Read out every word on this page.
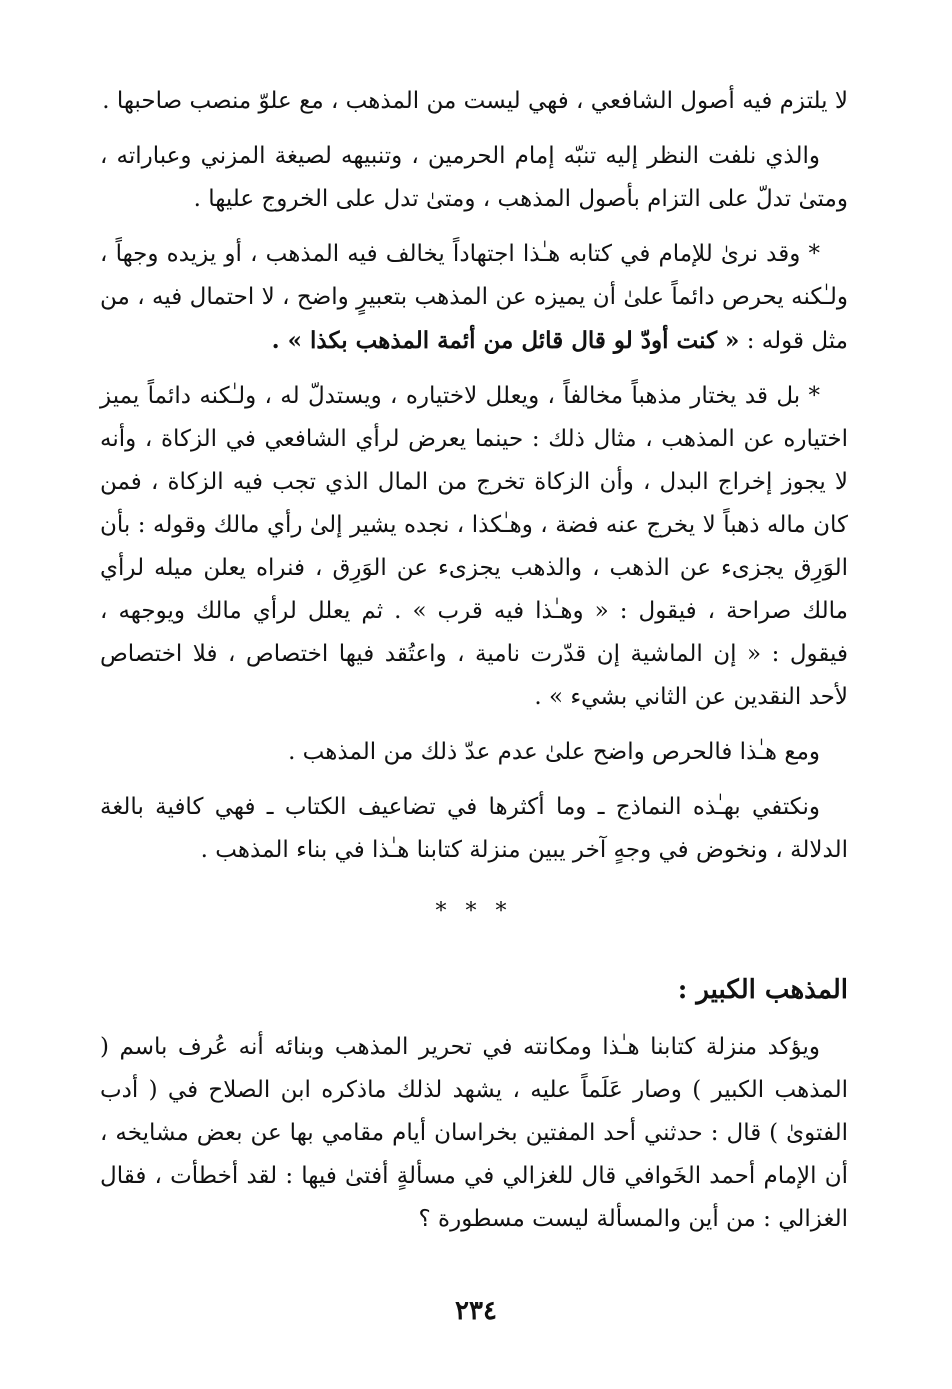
لا يلتزم فيه أصول الشافعي ، فهي ليست من المذهب ، مع علوّ منصب صاحبها .

والذي نلفت النظر إليه تنبّه إمام الحرمين ، وتنبيهه لصيغة المزني وعباراته ، ومتىٰ تدلّ على التزام بأصول المذهب ، ومتىٰ تدل على الخروج عليها .

* وقد نرىٰ للإمام في كتابه هـٰذا اجتهاداً يخالف فيه المذهب ، أو يزيده وجهاً ، ولـٰكنه يحرص دائماً علىٰ أن يميزه عن المذهب بتعبيرٍ واضح ، لا احتمال فيه ، من مثل قوله : « كنت أودّ لو قال قائل من أئمة المذهب بكذا » .

* بل قد يختار مذهباً مخالفاً ، ويعلل لاختياره ، ويستدلّ له ، ولـٰكنه دائماً يميز اختياره عن المذهب ، مثال ذلك : حينما يعرض لرأي الشافعي في الزكاة ، وأنه لا يجوز إخراج البدل ، وأن الزكاة تخرج من المال الذي تجب فيه الزكاة ، فمن كان ماله ذهباً لا يخرج عنه فضة ، وهـٰكذا ، نجده يشير إلىٰ رأي مالك وقوله : بأن الوَرِق يجزىء عن الذهب ، والذهب يجزىء عن الوَرِق ، فنراه يعلن ميله لرأي مالك صراحة ، فيقول : « وهـٰذا فيه قرب » . ثم يعلل لرأي مالك ويوجهه ، فيقول : « إن الماشية إن قدّرت نامية ، واعتُقد فيها اختصاص ، فلا اختصاص لأحد النقدين عن الثاني بشيء » .

ومع هـٰذا فالحرص واضح علىٰ عدم عدّ ذلك من المذهب .

ونكتفي بهـٰذه النماذج ـ وما أكثرها في تضاعيف الكتاب ـ فهي كافية بالغة الدلالة ، ونخوض في وجهٍ آخر يبين منزلة كتابنا هـٰذا في بناء المذهب .

* * *
المذهب الكبير :

ويؤكد منزلة كتابنا هـٰذا ومكانته في تحرير المذهب وبنائه أنه عُرف باسم ( المذهب الكبير ) وصار عَلَماً عليه ، يشهد لذلك ماذكره ابن الصلاح في ( أدب الفتوىٰ ) قال : حدثني أحد المفتين بخراسان أيام مقامي بها عن بعض مشايخه ، أن الإمام أحمد الخَوافي قال للغزالي في مسألةٍ أفتىٰ فيها : لقد أخطأت ، فقال الغزالي : من أين والمسألة ليست مسطورة ؟

٢٣٤
